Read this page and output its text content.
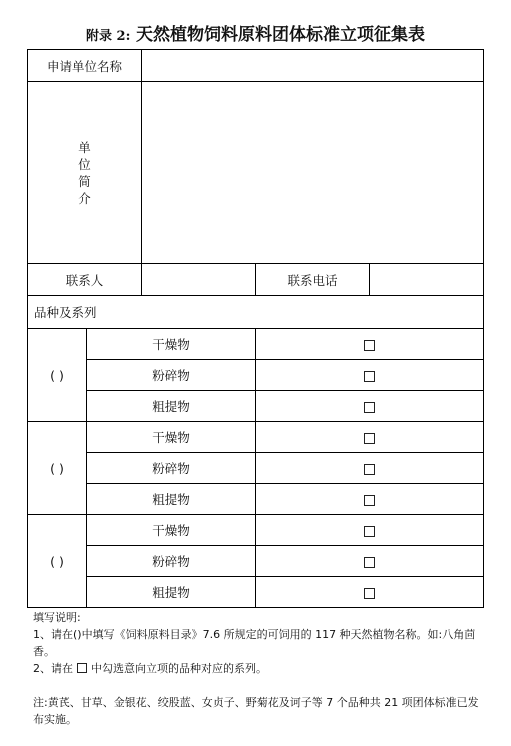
附录 2: 天然植物饲料原料团体标准立项征集表
申请单位名称				

单
位
简
介				

联系人			联系电话	
品种及系列				
( )	干燥物			
	粉碎物			
	粗提物			
( )	干燥物			
	粉碎物			
	粗提物			
( )	干燥物			
	粉碎物			
	粗提物			

填写说明:

1、请在()中填写《饲料原料目录》7.6 所规定的可饲用的 117 种天然植物名称。如:八角茴香。

2、请在 中勾选意向立项的品种对应的系列。

注:黄芪、甘草、金银花、绞股蓝、女贞子、野菊花及诃子等 7 个品种共 21 项团体标准已发布实施。
